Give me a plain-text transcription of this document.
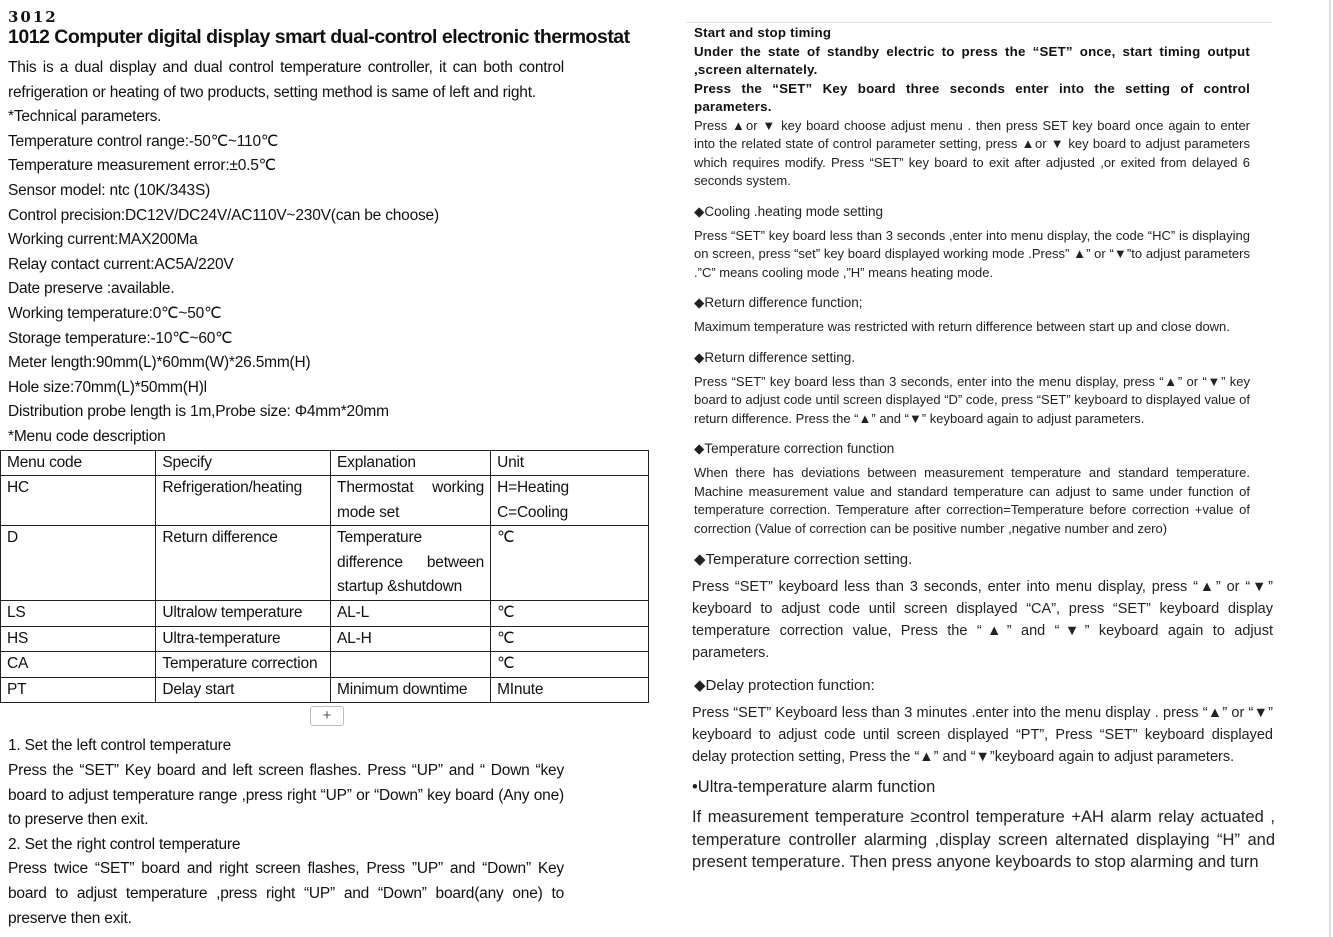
3012
1012 Computer digital display smart dual-control electronic thermostat
This is a dual display and dual control temperature controller, it can both control refrigeration or heating of two products, setting method is same of left and right.
*Technical parameters.
Temperature control range:-50℃~110℃
Temperature measurement error:±0.5℃
Sensor model: ntc (10K/343S)
Control precision:DC12V/DC24V/AC110V~230V(can be choose)
Working current:MAX200Ma
Relay contact current:AC5A/220V
Date preserve :available.
Working temperature:0℃~50℃
Storage temperature:-10℃~60℃
Meter length:90mm(L)*60mm(W)*26.5mm(H)
Hole size:70mm(L)*50mm(H)l
Distribution probe length is 1m,Probe size: Φ4mm*20mm
*Menu code description
Menu code	Specify	Explanation	Unit
HC	Refrigeration/heating	Thermostat working mode set	H=Heating C=Cooling
D	Return difference	Temperature difference between startup &shutdown	℃
LS	Ultralow temperature	AL-L	℃
HS	Ultra-temperature	AL-H	℃
CA	Temperature correction		℃
PT	Delay start	Minimum downtime	MInute
+
1. Set the left control temperature
Press the “SET” Key board and left screen flashes. Press “UP” and “ Down “key board to adjust temperature range ,press right “UP” or “Down” key board (Any one) to preserve then exit.
2. Set the right control temperature
Press twice “SET” board and right screen flashes, Press ”UP” and “Down” Key board to adjust temperature ,press right “UP” and “Down” board(any one) to preserve then exit.
Start and stop timing
Under the state of standby electric to press the “SET” once, start timing output ,screen alternately.
Press the “SET” Key board three seconds enter into the setting of control parameters.
Press ▲or ▼ key board choose adjust menu . then press SET key board once again to enter into the related state of control parameter setting, press ▲or ▼ key board to adjust parameters which requires modify. Press “SET” key board to exit after adjusted ,or exited from delayed 6 seconds system.
◆Cooling .heating mode setting
Press “SET” key board less than 3 seconds ,enter into menu display, the code “HC” is displaying on screen, press “set” key board displayed working mode .Press” ▲” or “▼”to adjust parameters .”C” means cooling mode ,”H” means heating mode.
◆Return difference function;
Maximum temperature was restricted with return difference between start up and close down.
◆Return difference setting.
Press “SET” key board less than 3 seconds, enter into the menu display, press “▲” or “▼” key board to adjust code until screen displayed “D” code, press “SET” keyboard to displayed value of return difference. Press the “▲” and “▼” keyboard again to adjust parameters.
◆Temperature correction function
When there has deviations between measurement temperature and standard temperature. Machine measurement value and standard temperature can adjust to same under function of temperature correction. Temperature after correction=Temperature before correction +value of correction (Value of correction can be positive number ,negative number and zero)
◆Temperature correction setting.
Press “SET” keyboard less than 3 seconds, enter into menu display, press “▲” or “▼” keyboard to adjust code until screen displayed “CA”, press “SET” keyboard display temperature correction value, Press the “▲” and “▼” keyboard again to adjust parameters.
◆Delay protection function:
Press “SET” Keyboard less than 3 minutes .enter into the menu display . press “▲” or “▼” keyboard to adjust code until screen displayed “PT”, Press “SET” keyboard displayed delay protection setting, Press the “▲” and “▼”keyboard again to adjust parameters.
•Ultra-temperature alarm function
If measurement temperature ≥control temperature +AH alarm relay actuated , temperature controller alarming ,display screen alternated displaying “H” and present temperature. Then press anyone keyboards to stop alarming and turn
